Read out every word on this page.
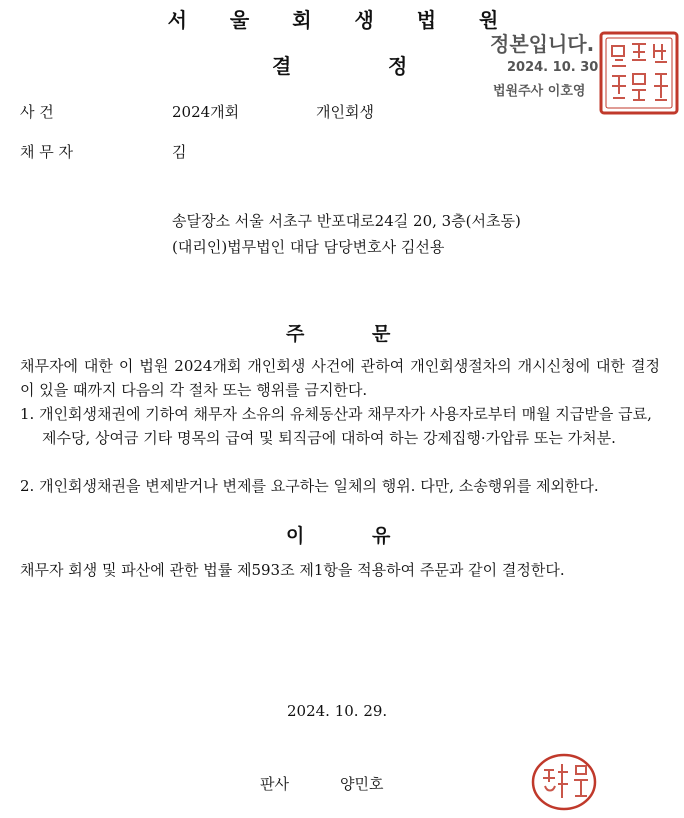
서 울 회 생 법 원
결	정
정본입니다.
2024. 10. 30.
법원주사 이호영
사 건	2024개회	개인회생
채 무 자	김
송달장소 서울 서초구 반포대로24길 20, 3층(서초동)
(대리인)법무법인 대담 담당변호사 김선용
주	문
채무자에 대한 이 법원 2024개회 개인회생 사건에 관하여 개인회생절차의 개시신청에 대한 결정이 있을 때까지 다음의 각 절차 또는 행위를 금지한다.
1. 개인회생채권에 기하여 채무자 소유의 유체동산과 채무자가 사용자로부터 매월 지급받을 급료, 제수당, 상여금 기타 명목의 급여 및 퇴직금에 대하여 하는 강제집행·가압류 또는 가처분.
2. 개인회생채권을 변제받거나 변제를 요구하는 일체의 행위. 다만, 소송행위를 제외한다.
이	유
채무자 회생 및 파산에 관한 법률 제593조 제1항을 적용하여 주문과 같이 결정한다.
2024. 10. 29.
판사	양민호
